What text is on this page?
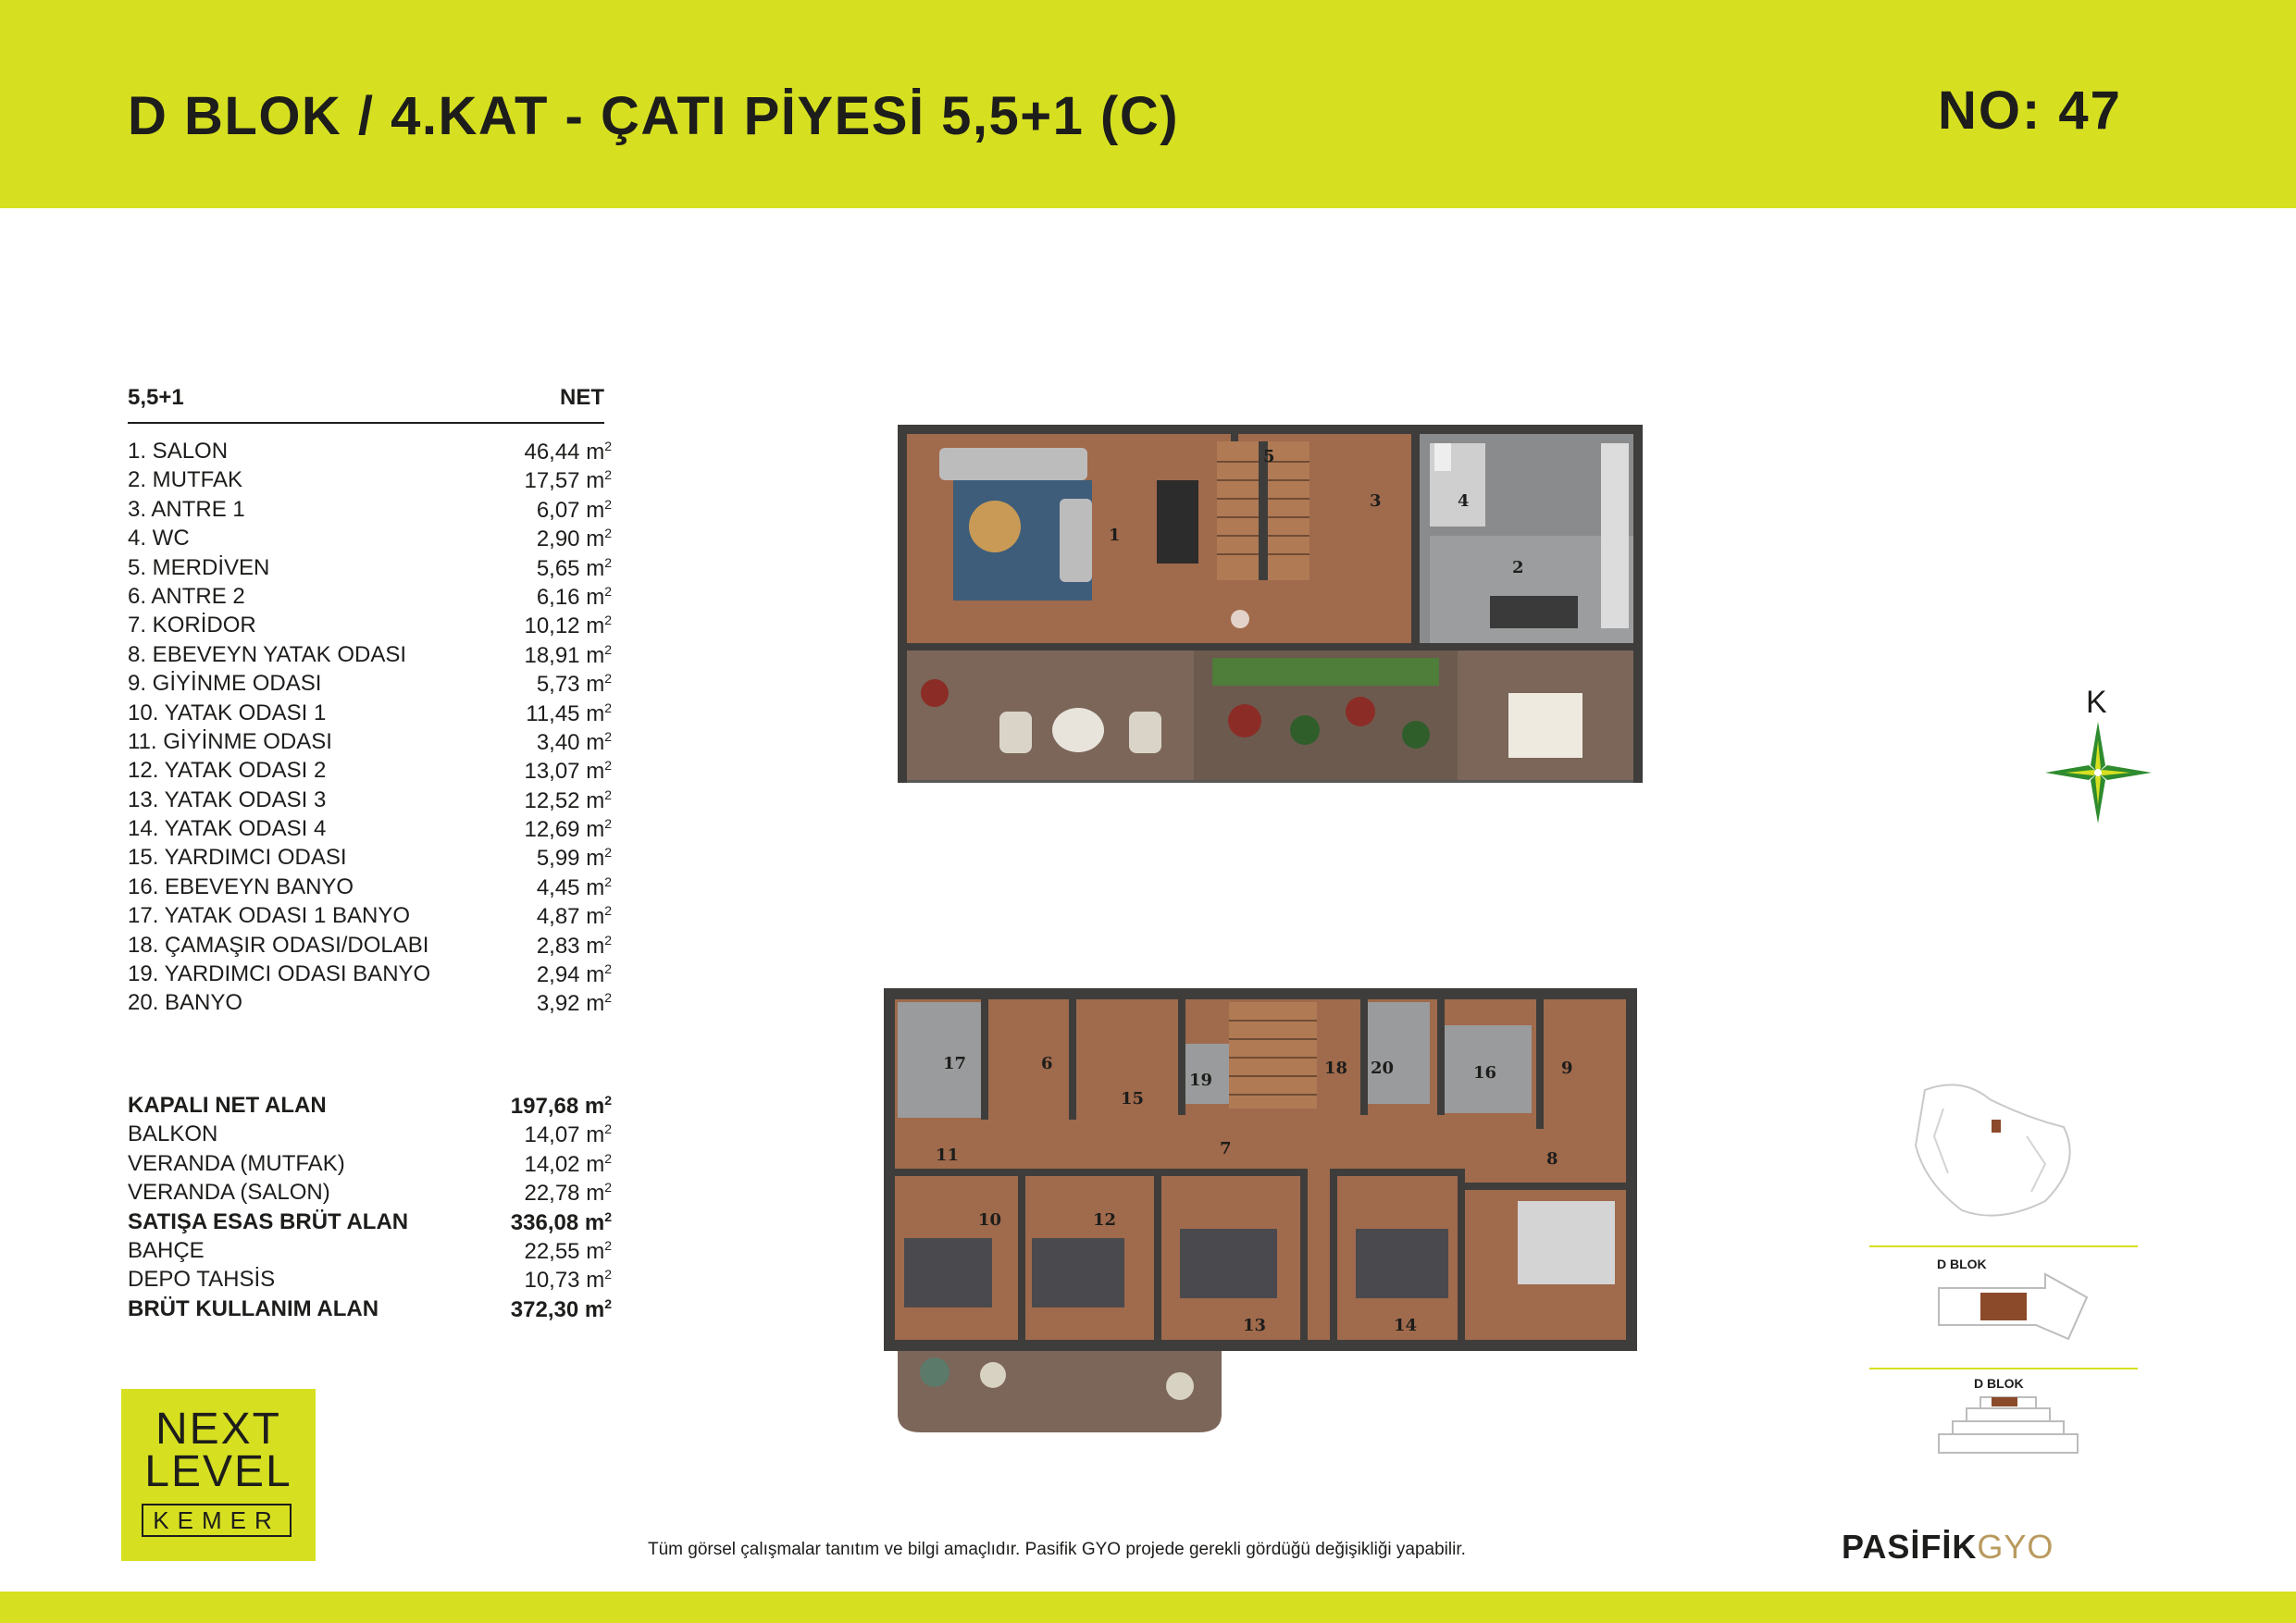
D BLOK / 4.KAT - ÇATI PİYESİ 5,5+1 (C)	NO: 47
5,5+1	NET
1. SALON	46,44 $m^2$
2. MUTFAK	17,57 $m^2$
3. ANTRE 1	6,07 $m^2$
4. WC	2,90 $m^2$
5. MERDİVEN	5,65 $m^2$
6. ANTRE 2	6,16 $m^2$
7. KORİDOR	10,12 $m^2$
8. EBEVEYN YATAK ODASI	18,91 $m^2$
9. GİYİNME ODASI	5,73 $m^2$
10. YATAK ODASI 1	11,45 $m^2$
11. GİYİNME ODASI	3,40 $m^2$
12. YATAK ODASI 2	13,07 $m^2$
13. YATAK ODASI 3	12,52 $m^2$
14. YATAK ODASI 4	12,69 $m^2$
15. YARDIMCI ODASI	5,99 $m^2$
16. EBEVEYN BANYO	4,45 $m^2$
17. YATAK ODASI 1 BANYO	4,87 $m^2$
18. ÇAMAŞIR ODASI/DOLABI	2,83 $m^2$
19. YARDIMCI ODASI BANYO	2,94 $m^2$
20. BANYO	3,92 $m^2$
KAPALI NET ALAN	197,68 $m^2$
BALKON	14,07 $m^2$
VERANDA (MUTFAK)	14,02 $m^2$
VERANDA (SALON)	22,78 $m^2$
SATIŞA ESAS BRÜT ALAN	336,08 $m^2$
BAHÇE	22,55 $m^2$
DEPO TAHSİS	10,73 $m^2$
BRÜT KULLANIM ALAN	372,30 $m^2$
1
2
3	4
5
6
7
8
9
10
11
12
13	14
15
16
17	18
19
20
K
D BLOK
D BLOK
NEXT
LEVEL
KEMER
Tüm görsel çalışmalar tanıtım ve bilgi amaçlıdır. Pasifik GYO projede gerekli gördüğü değişikliği yapabilir.	PASİFİKGYO
